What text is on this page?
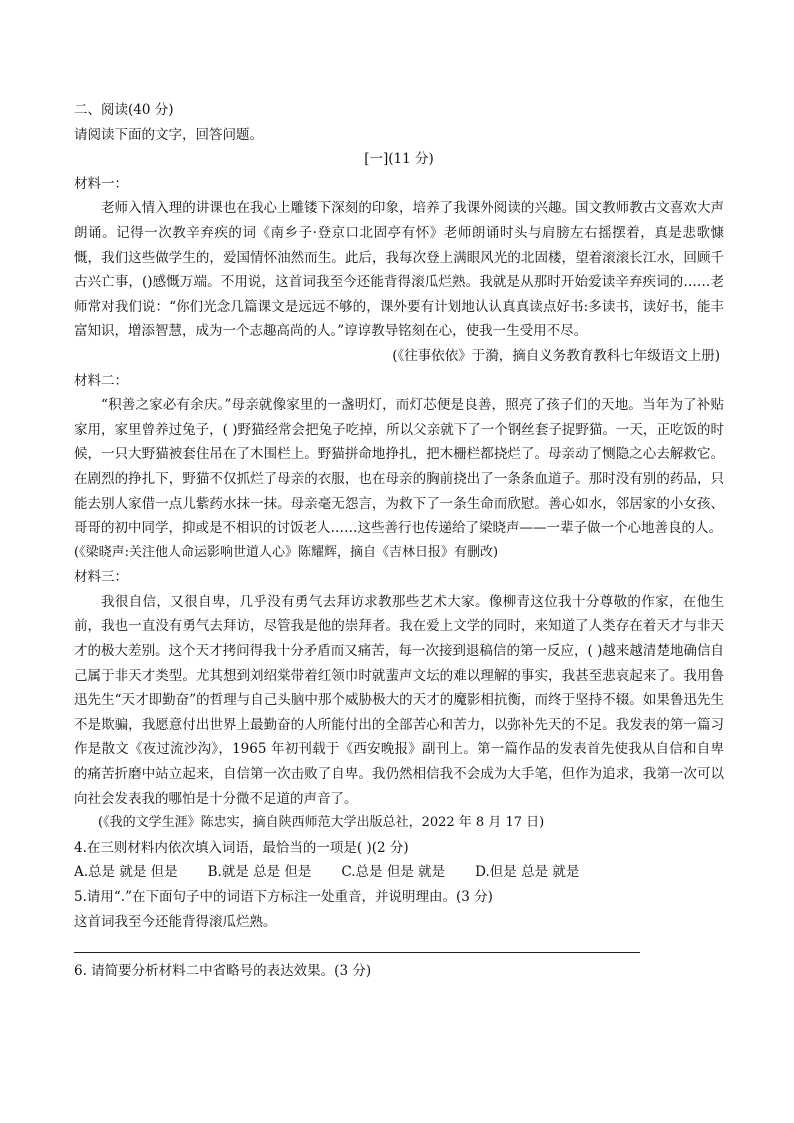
二、阅读(40 分)

请阅读下面的文字，回答问题。

[一](11 分)

材料一：

老师入情入理的讲课也在我心上雕镂下深刻的印象，培养了我课外阅读的兴趣。国文教师教古文喜欢大声朗诵。记得一次教辛弃疾的词《南乡子·登京口北固亭有怀》老师朗诵时头与肩膀左右摇摆着，真是悲歌慷慨，我们这些做学生的，爱国情怀油然而生。此后，我每次登上满眼风光的北固楼，望着滚滚长江水，回顾千古兴亡事，()感慨万端。不用说，这首词我至今还能背得滚瓜烂熟。我就是从那时开始爱读辛弃疾词的……老师常对我们说：“你们光念几篇课文是远远不够的，课外要有计划地认认真真读点好书:多读书，读好书，能丰富知识，增添智慧，成为一个志趣高尚的人。”谆谆教导铭刻在心，使我一生受用不尽。

(《往事依依》于漪，摘自义务教育教科七年级语文上册)

材料二：

“积善之家必有余庆。”母亲就像家里的一盏明灯，而灯芯便是良善，照亮了孩子们的天地。当年为了补贴家用，家里曾养过兔子，( )野猫经常会把兔子吃掉，所以父亲就下了一个钢丝套子捉野猫。一天，正吃饭的时候，一只大野猫被套住吊在了木围栏上。野猫拼命地挣扎，把木栅栏都挠烂了。母亲动了恻隐之心去解救它。在剧烈的挣扎下，野猫不仅抓烂了母亲的衣服，也在母亲的胸前挠出了一条条血道子。那时没有别的药品，只能去别人家借一点儿紫药水抹一抹。母亲毫无怨言，为救下了一条生命而欣慰。善心如水，邻居家的小女孩、哥哥的初中同学，抑或是不相识的讨饭老人……这些善行也传递给了梁晓声——一辈子做一个心地善良的人。

(《梁晓声:关注他人命运影响世道人心》陈耀辉，摘自《吉林日报》有删改)

材料三：

我很自信，又很自卑，几乎没有勇气去拜访求教那些艺术大家。像柳青这位我十分尊敬的作家，在他生前，我也一直没有勇气去拜访，尽管我是他的崇拜者。我在爱上文学的同时，来知道了人类存在着天才与非天才的极大差别。这个天才拷问得我十分矛盾而又痛苦，每一次接到退稿信的第一反应，( )越来越清楚地确信自己属于非天才类型。尤其想到刘绍棠带着红领巾时就蜚声文坛的难以理解的事实，我甚至悲哀起来了。我用鲁迅先生“天才即勤奋”的哲理与自己头脑中那个威胁极大的天才的魔影相抗衡，而终于坚持不辍。如果鲁迅先生不是欺骗，我愿意付出世界上最勤奋的人所能付出的全部苦心和苦力，以弥补先天的不足。我发表的第一篇习作是散文《夜过流沙沟》，1965 年初刊载于《西安晚报》副刊上。第一篇作品的发表首先使我从自信和自卑的痛苦折磨中站立起来，自信第一次击败了自卑。我仍然相信我不会成为大手笔，但作为追求，我第一次可以向社会发表我的哪怕是十分微不足道的声音了。

(《我的文学生涯》陈忠实，摘自陕西师范大学出版总社，2022 年 8 月 17 日)

4.在三则材料内依次填入词语，最恰当的一项是( )(2 分)

A.总是 就是 但是 B.就是 总是 但是 C.总是 但是 就是 D.但是 总是 就是

5.请用“.”在下面句子中的词语下方标注一处重音，并说明理由。(3 分)

这首词我至今还能背得滚瓜烂熟。

6. 请简要分析材料二中省略号的表达效果。(3 分)
